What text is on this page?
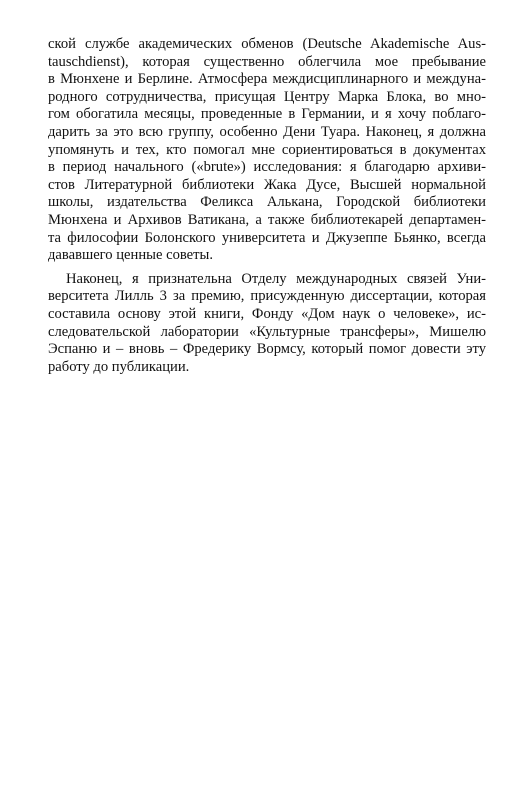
ской службе академических обменов (Deutsche Akademische Aus-
tauschdienst), которая существенно облегчила мое пребывание
в Мюнхене и Берлине. Атмосфера междисциплинарного и междуна-
родного сотрудничества, присущая Центру Марка Блока, во мно-
гом обогатила месяцы, проведенные в Германии, и я хочу поблаго-
дарить за это всю группу, особенно Дени Туара. Наконец, я должна
упомянуть и тех, кто помогал мне сориентироваться в документах
в период начального («brute») исследования: я благодарю архиви-
стов Литературной библиотеки Жака Дусе, Высшей нормальной
школы, издательства Феликса Алькана, Городской библиотеки
Мюнхена и Архивов Ватикана, а также библиотекарей департамен-
та философии Болонского университета и Джузеппе Бьянко, всегда
дававшего ценные советы.
Наконец, я признательна Отделу международных связей Уни-
верситета Лилль 3 за премию, присужденную диссертации, которая
составила основу этой книги, Фонду «Дом наук о человеке», ис-
следовательской лаборатории «Культурные трансферы», Мишелю
Эспаню и – вновь – Фредерику Вормсу, который помог довести эту
работу до публикации.
